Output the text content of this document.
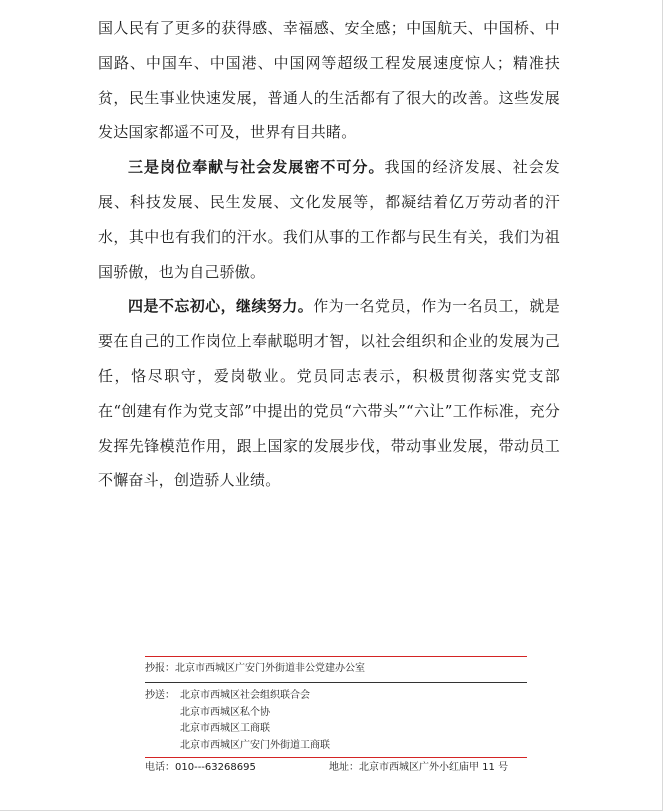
国人民有了更多的获得感、幸福感、安全感；中国航天、中国桥、中国路、中国车、中国港、中国网等超级工程发展速度惊人；精准扶贫，民生事业快速发展，普通人的生活都有了很大的改善。这些发展发达国家都遥不可及，世界有目共睹。

三是岗位奉献与社会发展密不可分。我国的经济发展、社会发展、科技发展、民生发展、文化发展等，都凝结着亿万劳动者的汗水，其中也有我们的汗水。我们从事的工作都与民生有关，我们为祖国骄傲，也为自己骄傲。

四是不忘初心，继续努力。作为一名党员，作为一名员工，就是要在自己的工作岗位上奉献聪明才智，以社会组织和企业的发展为己任，恪尽职守，爱岗敬业。党员同志表示，积极贯彻落实党支部在“创建有作为党支部”中提出的党员“六带头”“六让”工作标准，充分发挥先锋模范作用，跟上国家的发展步伐，带动事业发展，带动员工不懈奋斗，创造骄人业绩。

抄报：北京市西城区广安门外街道非公党建办公室
抄送： 北京市西城区社会组织联合会
北京市西城区私个协
北京市西城区工商联
北京市西城区广安门外街道工商联
电话：010---63268695	地址：北京市西城区广外小红庙甲 11 号
